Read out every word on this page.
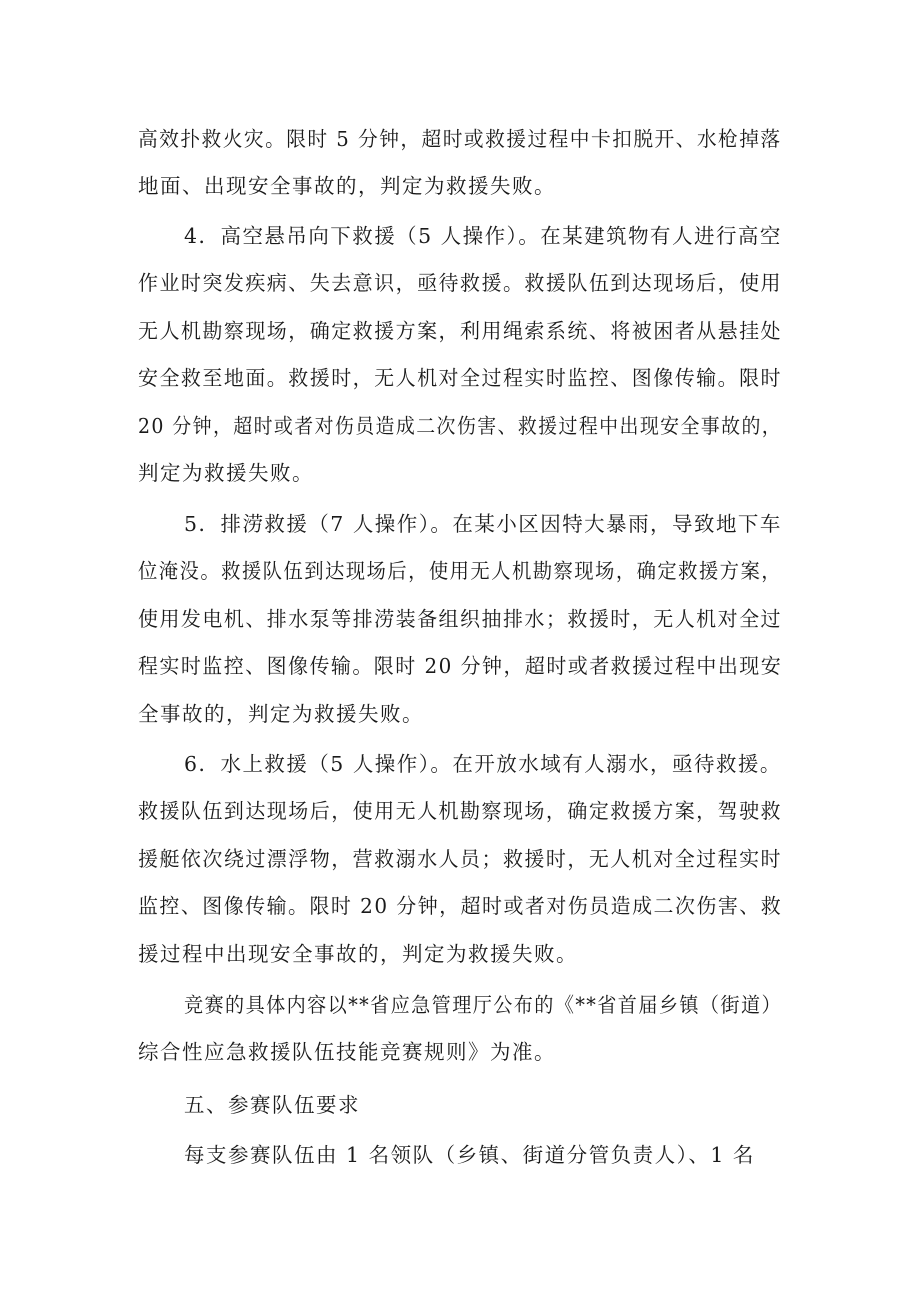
高效扑救火灾。限时 5 分钟，超时或救援过程中卡扣脱开、水枪掉落
地面、出现安全事故的，判定为救援失败。
4．高空悬吊向下救援（5 人操作）。在某建筑物有人进行高空
作业时突发疾病、失去意识，亟待救援。救援队伍到达现场后，使用
无人机勘察现场，确定救援方案，利用绳索系统、将被困者从悬挂处
安全救至地面。救援时，无人机对全过程实时监控、图像传输。限时
20 分钟，超时或者对伤员造成二次伤害、救援过程中出现安全事故的，
判定为救援失败。
5．排涝救援（7 人操作）。在某小区因特大暴雨，导致地下车
位淹没。救援队伍到达现场后，使用无人机勘察现场，确定救援方案，
使用发电机、排水泵等排涝装备组织抽排水；救援时，无人机对全过
程实时监控、图像传输。限时 20 分钟，超时或者救援过程中出现安
全事故的，判定为救援失败。
6．水上救援（5 人操作）。在开放水域有人溺水，亟待救援。
救援队伍到达现场后，使用无人机勘察现场，确定救援方案，驾驶救
援艇依次绕过漂浮物，营救溺水人员；救援时，无人机对全过程实时
监控、图像传输。限时 20 分钟，超时或者对伤员造成二次伤害、救
援过程中出现安全事故的，判定为救援失败。
竞赛的具体内容以**省应急管理厅公布的《**省首届乡镇（街道）
综合性应急救援队伍技能竞赛规则》为准。
五、参赛队伍要求
每支参赛队伍由 1 名领队（乡镇、街道分管负责人）、1 名
